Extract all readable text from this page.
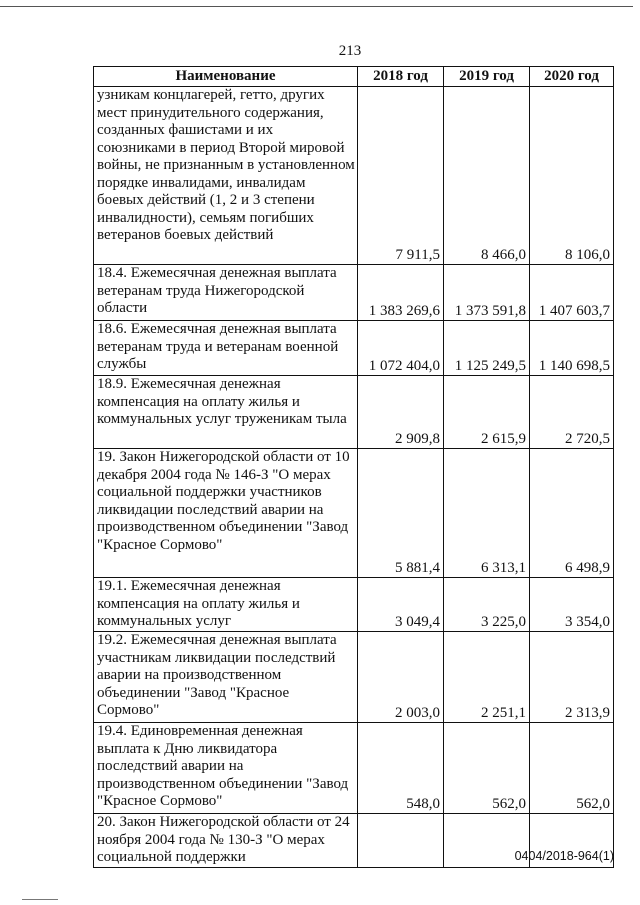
213
Наименование	2018 год	2019 год	2020 год
узникам концлагерей, гетто, других мест принудительного содержания, созданных фашистами и их союзниками в период Второй мировой войны, не признанным в установленном порядке инвалидами, инвалидам боевых действий (1, 2 и 3 степени инвалидности), семьям погибших ветеранов боевых действий	7 911,5	8 466,0	8 106,0
18.4. Ежемесячная денежная выплата ветеранам труда Нижегородской области	1 383 269,6	1 373 591,8	1 407 603,7
18.6. Ежемесячная денежная выплата ветеранам труда и ветеранам военной службы	1 072 404,0	1 125 249,5	1 140 698,5
18.9. Ежемесячная денежная компенсация на оплату жилья и коммунальных услуг труженикам тыла	2 909,8	2 615,9	2 720,5
19. Закон Нижегородской области от 10 декабря 2004 года № 146-З "О мерах социальной поддержки участников ликвидации последствий аварии на производственном объединении "Завод "Красное Сормово"	5 881,4	6 313,1	6 498,9
19.1. Ежемесячная денежная компенсация на оплату жилья и коммунальных услуг	3 049,4	3 225,0	3 354,0
19.2. Ежемесячная денежная выплата участникам ликвидации последствий аварии на производственном объединении "Завод "Красное Сормово"	2 003,0	2 251,1	2 313,9
19.4. Единовременная денежная выплата к Дню ликвидатора последствий аварии на производственном объединении "Завод "Красное Сормово"	548,0	562,0	562,0
20. Закон Нижегородской области от 24 ноября 2004 года № 130-З "О мерах социальной поддержки				0404/2018-964(1)
